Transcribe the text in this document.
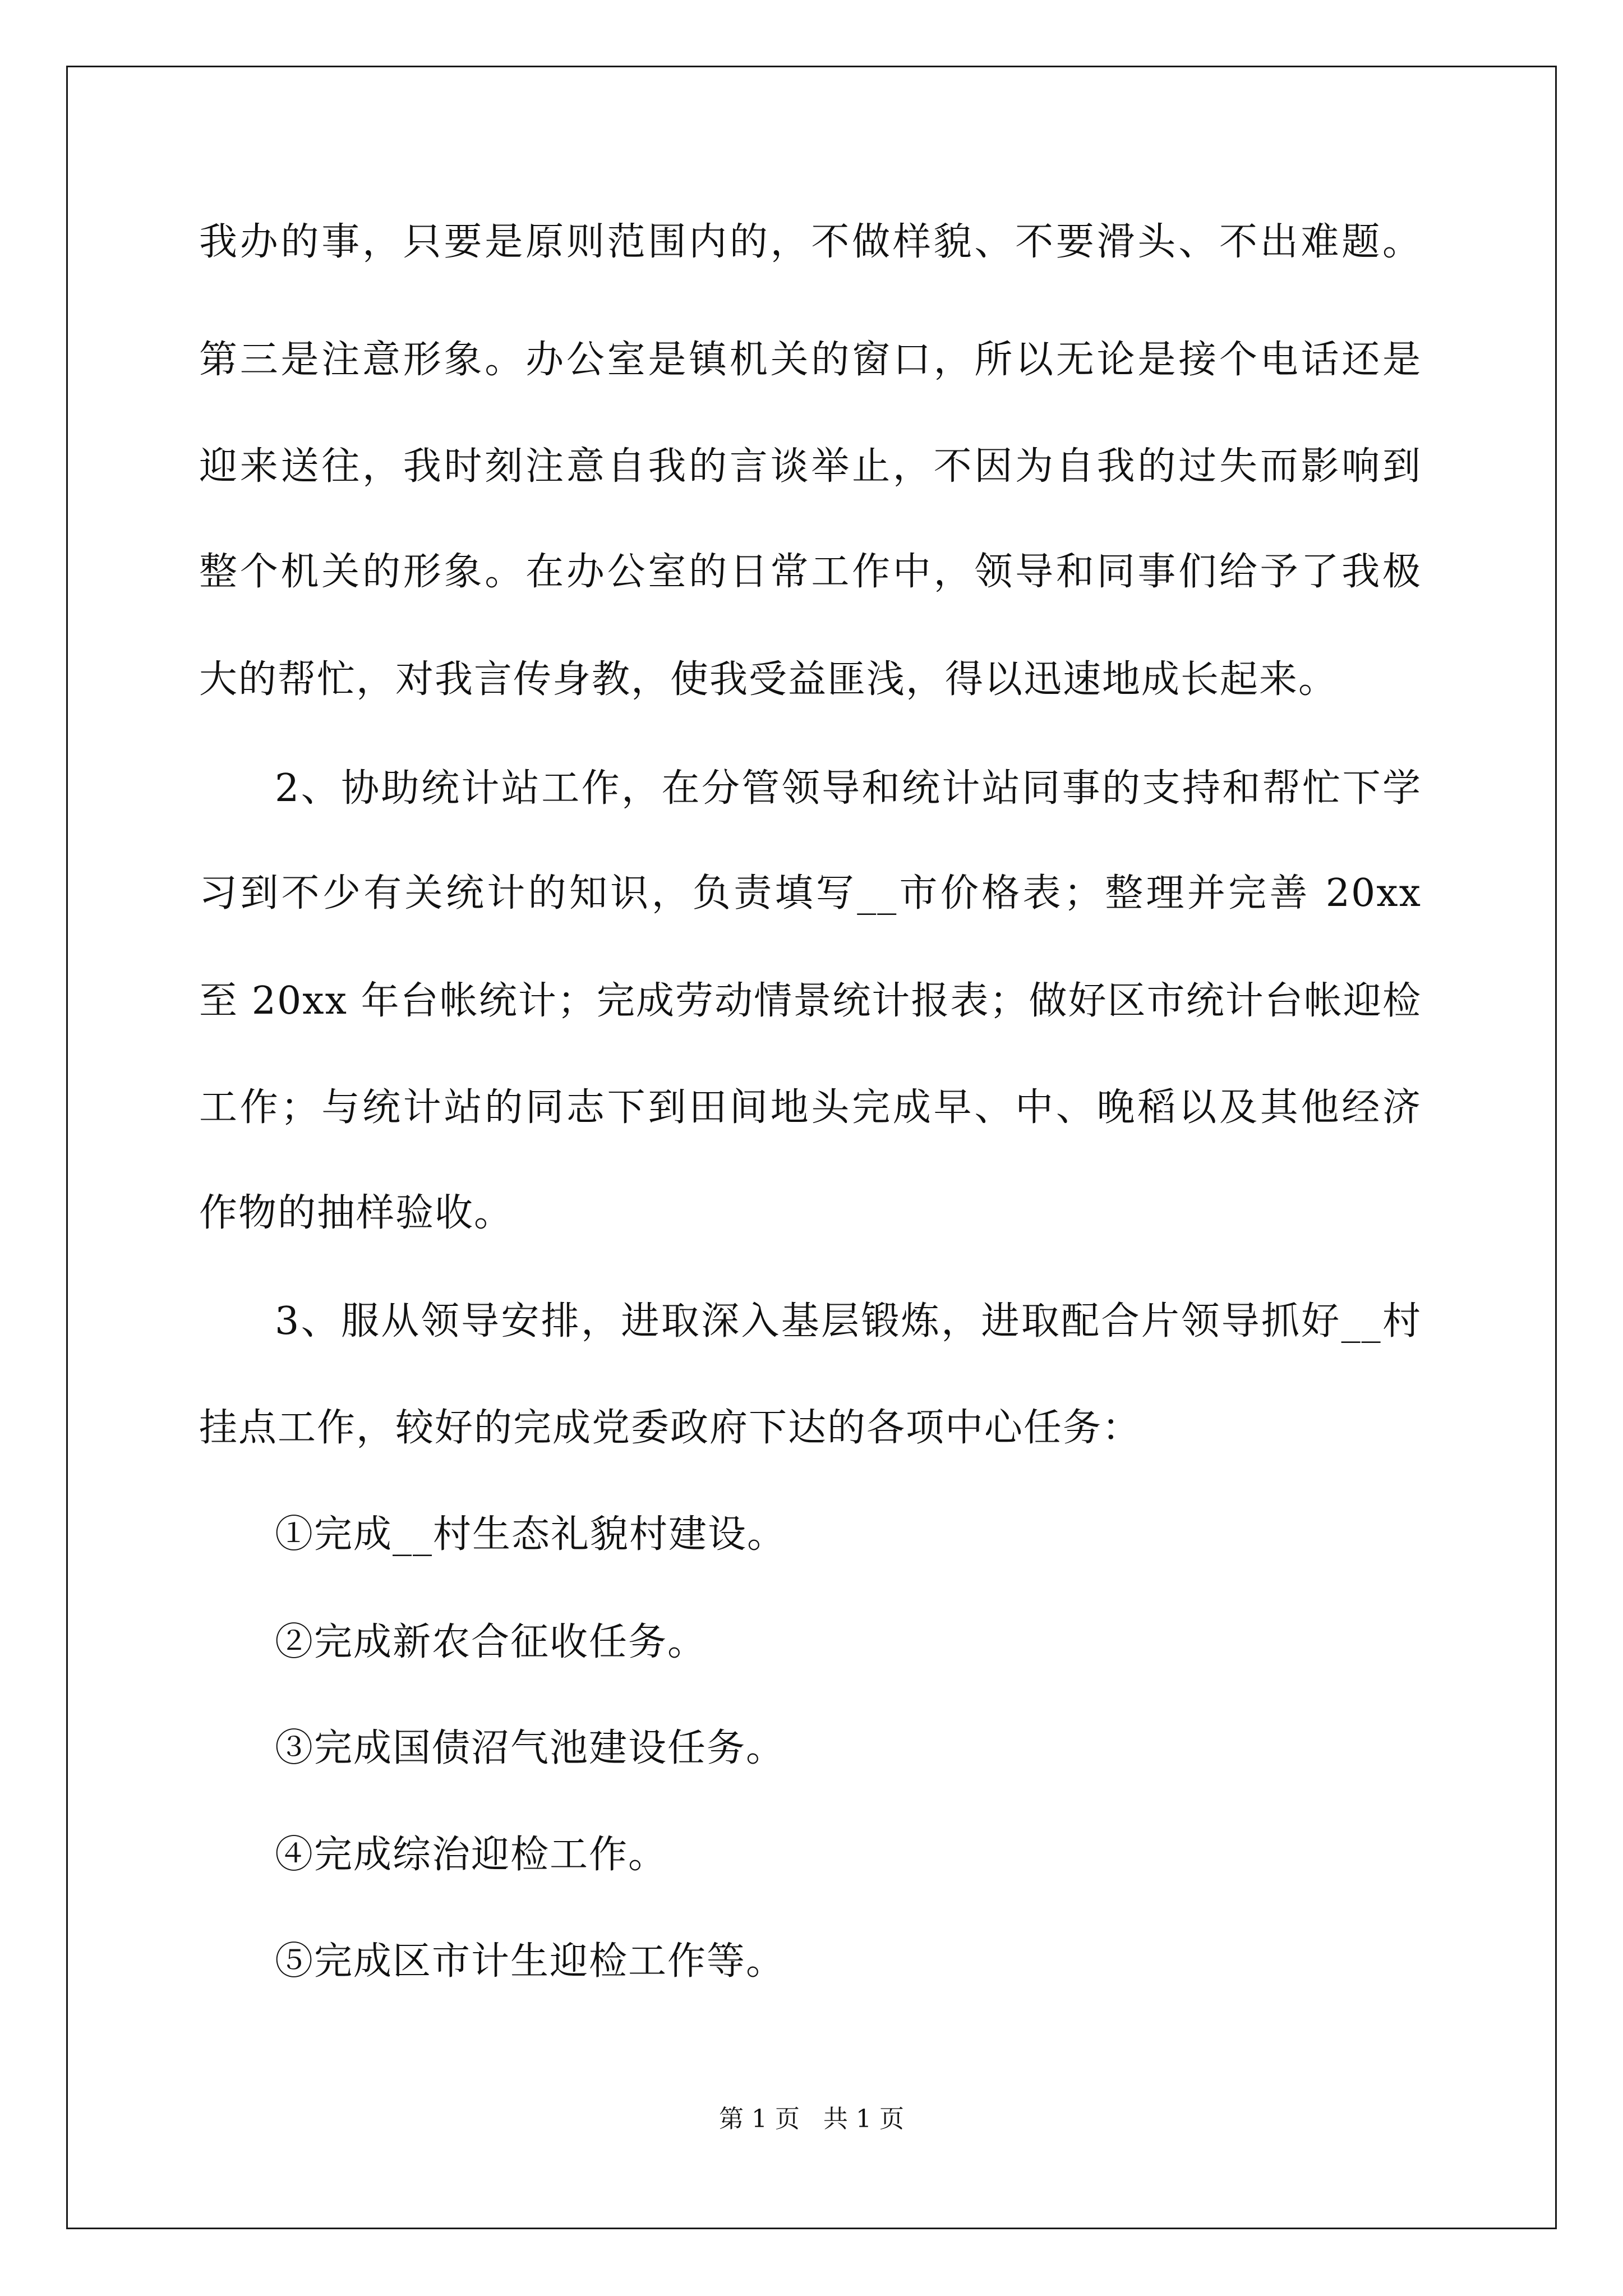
我办的事，只要是原则范围内的，不做样貌、不要滑头、不出难题。
第三是注意形象。办公室是镇机关的窗口，所以无论是接个电话还是
迎来送往，我时刻注意自我的言谈举止，不因为自我的过失而影响到
整个机关的形象。在办公室的日常工作中，领导和同事们给予了我极
大的帮忙，对我言传身教，使我受益匪浅，得以迅速地成长起来。
2、协助统计站工作，在分管领导和统计站同事的支持和帮忙下学
习到不少有关统计的知识，负责填写__市价格表；整理并完善 20xx
至 20xx 年台帐统计；完成劳动情景统计报表；做好区市统计台帐迎检
工作；与统计站的同志下到田间地头完成早、中、晚稻以及其他经济
作物的抽样验收。
3、服从领导安排，进取深入基层锻炼，进取配合片领导抓好__村
挂点工作，较好的完成党委政府下达的各项中心任务：
①完成__村生态礼貌村建设。
②完成新农合征收任务。
③完成国债沼气池建设任务。
④完成综治迎检工作。
⑤完成区市计生迎检工作等。
第 1 页   共 1 页
